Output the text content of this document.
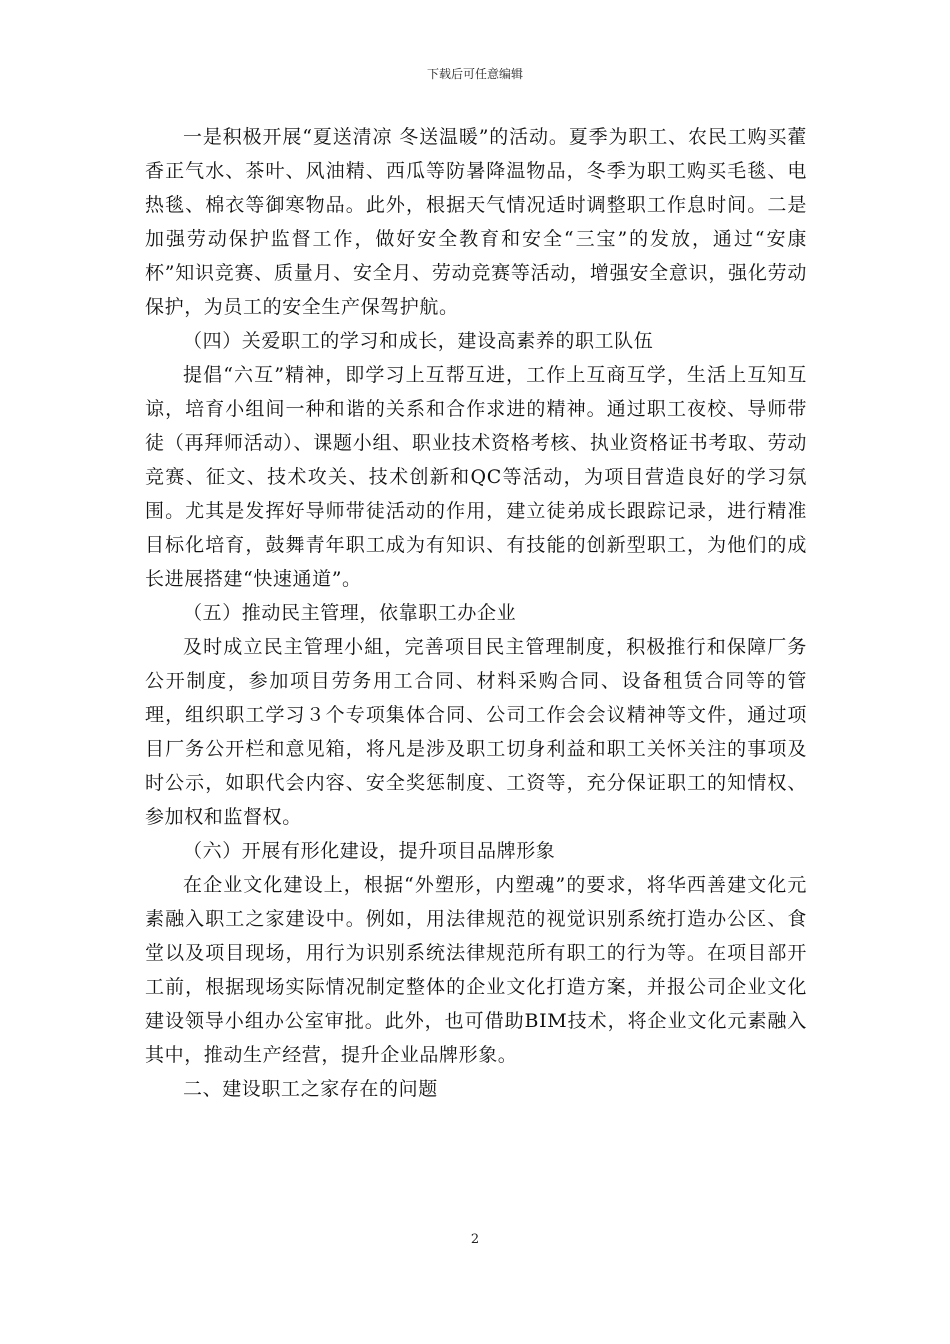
下载后可任意编辑

一是积极开展“夏送清凉 冬送温暖”的活动。夏季为职工、农民工购买藿香正气水、茶叶、风油精、西瓜等防暑降温物品，冬季为职工购买毛毯、电热毯、棉衣等御寒物品。此外，根据天气情况适时调整职工作息时间。二是加强劳动保护监督工作，做好安全教育和安全“三宝”的发放，通过“安康杯”知识竞赛、质量月、安全月、劳动竞赛等活动，增强安全意识，强化劳动保护，为员工的安全生产保驾护航。

（四）关爱职工的学习和成长，建设高素养的职工队伍

提倡“六互”精神，即学习上互帮互进，工作上互商互学，生活上互知互谅，培育小组间一种和谐的关系和合作求进的精神。通过职工夜校、导师带徒（再拜师活动）、课题小组、职业技术资格考核、执业资格证书考取、劳动竞赛、征文、技术攻关、技术创新和QC等活动，为项目营造良好的学习氛围。尤其是发挥好导师带徒活动的作用，建立徒弟成长跟踪记录，进行精准目标化培育，鼓舞青年职工成为有知识、有技能的创新型职工，为他们的成长进展搭建“快速通道”。

（五）推动民主管理，依靠职工办企业

及时成立民主管理小組，完善项目民主管理制度，积极推行和保障厂务公开制度，参加项目劳务用工合同、材料采购合同、设备租赁合同等的管理，组织职工学习３个专项集体合同、公司工作会会议精神等文件，通过项目厂务公开栏和意见箱，将凡是涉及职工切身利益和职工关怀关注的事项及时公示，如职代会内容、安全奖惩制度、工资等，充分保证职工的知情权、参加权和监督权。

（六）开展有形化建设，提升项目品牌形象

在企业文化建设上，根据“外塑形，内塑魂”的要求，将华西善建文化元素融入职工之家建设中。例如，用法律规范的视觉识别系统打造办公区、食堂以及项目现场，用行为识别系统法律规范所有职工的行为等。在项目部开工前，根据现场实际情况制定整体的企业文化打造方案，并报公司企业文化建设领导小组办公室审批。此外，也可借助BIM技术，将企业文化元素融入其中，推动生产经营，提升企业品牌形象。

二、建设职工之家存在的问题

2
